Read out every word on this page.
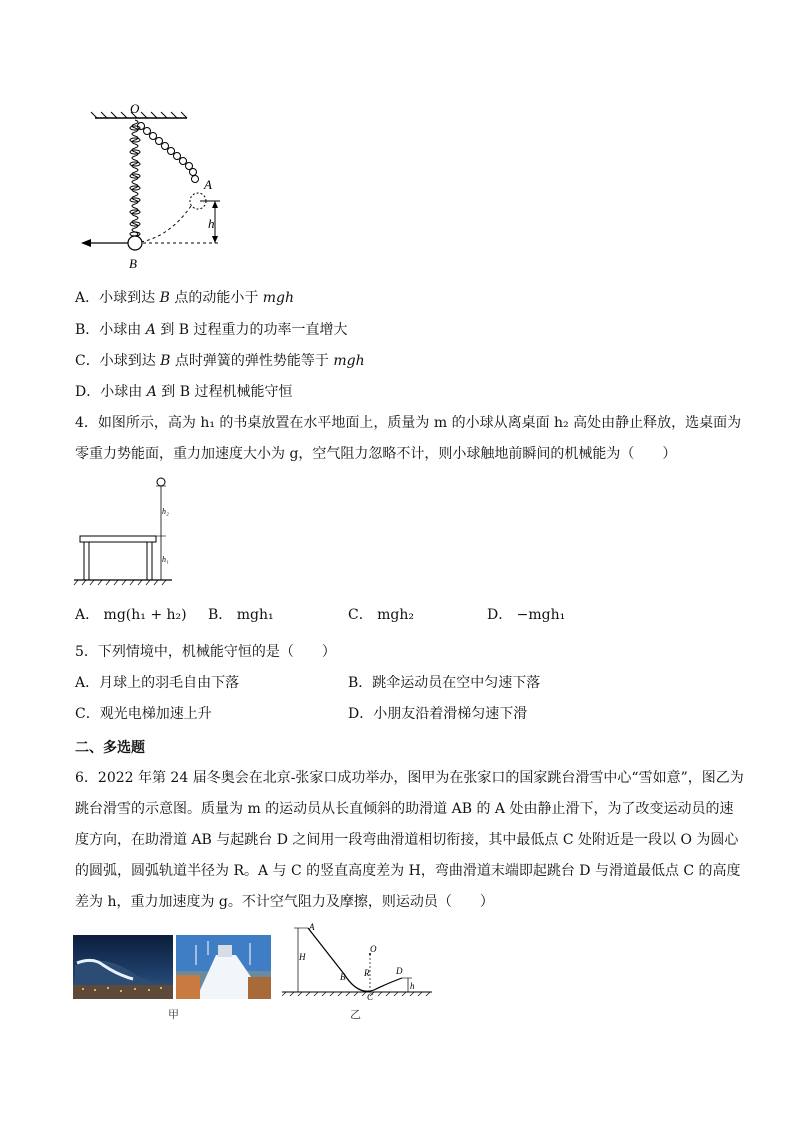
O
A
h
B
A．小球到达 B 点的动能小于 mgh
B．小球由 A 到 B 过程重力的功率一直增大
C．小球到达 B 点时弹簧的弹性势能等于 mgh
D．小球由 A 到 B 过程机械能守恒
4．如图所示，高为 h₁ 的书桌放置在水平地面上，质量为 m 的小球从离桌面 h₂ 高处由静止释放，选桌面为
零重力势能面，重力加速度大小为 g，空气阻力忽略不计，则小球触地前瞬间的机械能为（　　）
h₂
h₁
A． mg(h₁ + h₂) B． mgh₁	C． mgh₂	D． −mgh₁
5．下列情境中，机械能守恒的是（　　）
A．月球上的羽毛自由下落	B．跳伞运动员在空中匀速下落
C．观光电梯加速上升	D．小朋友沿着滑梯匀速下滑
二、多选题
6．2022 年第 24 届冬奥会在北京-张家口成功举办，图甲为在张家口的国家跳台滑雪中心“雪如意”，图乙为
跳台滑雪的示意图。质量为 m 的运动员从长直倾斜的助滑道 AB 的 A 处由静止滑下，为了改变运动员的速
度方向，在助滑道 AB 与起跳台 D 之间用一段弯曲滑道相切衔接，其中最低点 C 处附近是一段以 O 为圆心
的圆弧，圆弧轨道半径为 R。A 与 C 的竖直高度差为 H，弯曲滑道末端即起跳台 D 与滑道最低点 C 的高度
差为 h，重力加速度为 g。不计空气阻力及摩擦，则运动员（　　）
甲
A
H
B
O
R
C
D
h
乙
